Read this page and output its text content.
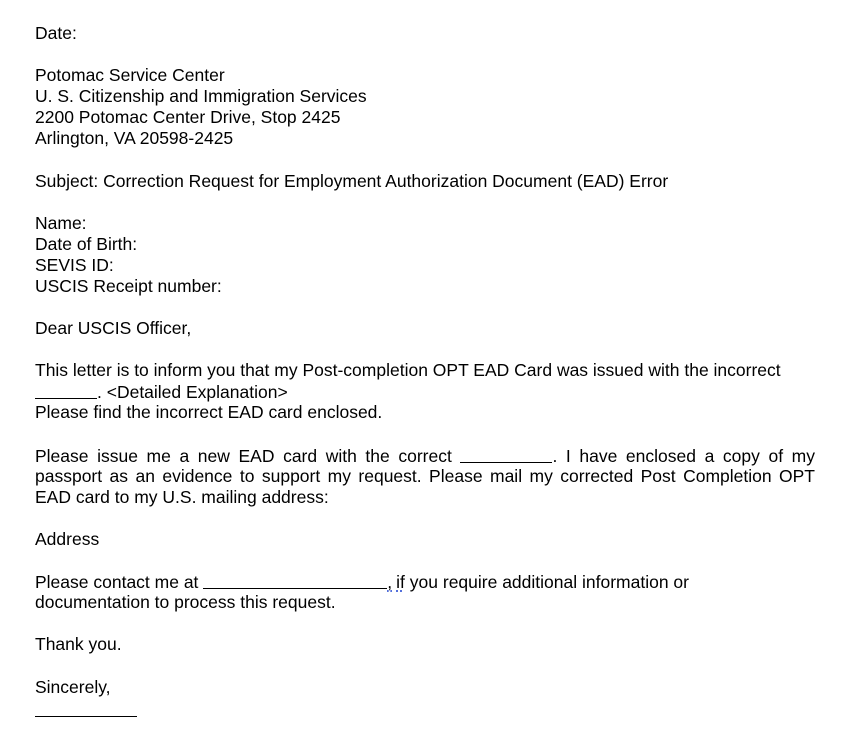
Date:
Potomac Service Center
U. S. Citizenship and Immigration Services
2200 Potomac Center Drive, Stop 2425
Arlington, VA 20598-2425
Subject: Correction Request for Employment Authorization Document (EAD) Error
Name:
Date of Birth:
SEVIS ID:
USCIS Receipt number:
Dear USCIS Officer,
This letter is to inform you that my Post-completion OPT EAD Card was issued with the incorrect
. <Detailed Explanation>
Please find the incorrect EAD card enclosed.
Please issue me a new EAD card with the correct	. I have enclosed a copy of my
passport as an evidence to support my request. Please mail my corrected Post Completion OPT
EAD card to my U.S. mailing address:
Address
Please contact me at	, if you require additional information or
documentation to process this request.
Thank you.
Sincerely,
